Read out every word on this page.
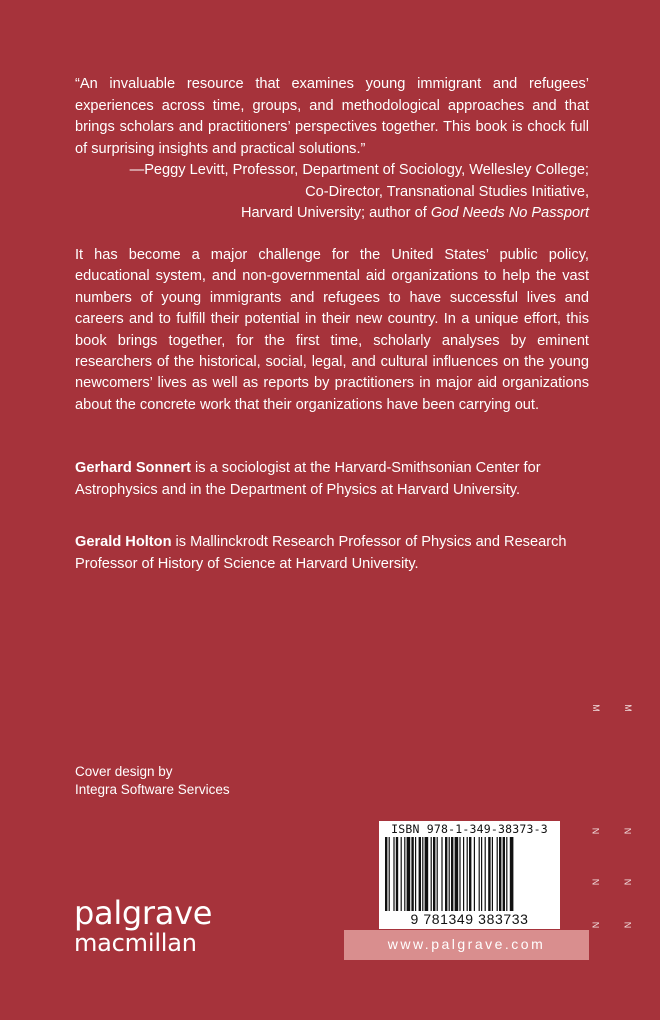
“An invaluable resource that examines young immigrant and refugees’ experiences across time, groups, and methodological approaches and that brings scholars and practitioners’ perspectives together. This book is chock full of surprising insights and practical solutions.”
—Peggy Levitt, Professor, Department of Sociology, Wellesley College;
Co-Director, Transnational Studies Initiative,
Harvard University; author of God Needs No Passport
It has become a major challenge for the United States’ public policy, educational system, and non-governmental aid organizations to help the vast numbers of young immigrants and refugees to have successful lives and careers and to fulfill their potential in their new country. In a unique effort, this book brings together, for the first time, scholarly analyses by eminent researchers of the historical, social, legal, and cultural influences on the young newcomers’ lives as well as reports by practitioners in major aid organizations about the concrete work that their organizations have been carrying out.
Gerhard Sonnert is a sociologist at the Harvard-Smithsonian Center for Astrophysics and in the Department of Physics at Harvard University.
Gerald Holton is Mallinckrodt Research Professor of Physics and Research Professor of History of Science at Harvard University.
M M
N N
N N
N N
Cover design by
Integra Software Services
ISBN 978-1-349-38373-3
9 781349 383733
palgrave
macmillan	www.palgrave.com
